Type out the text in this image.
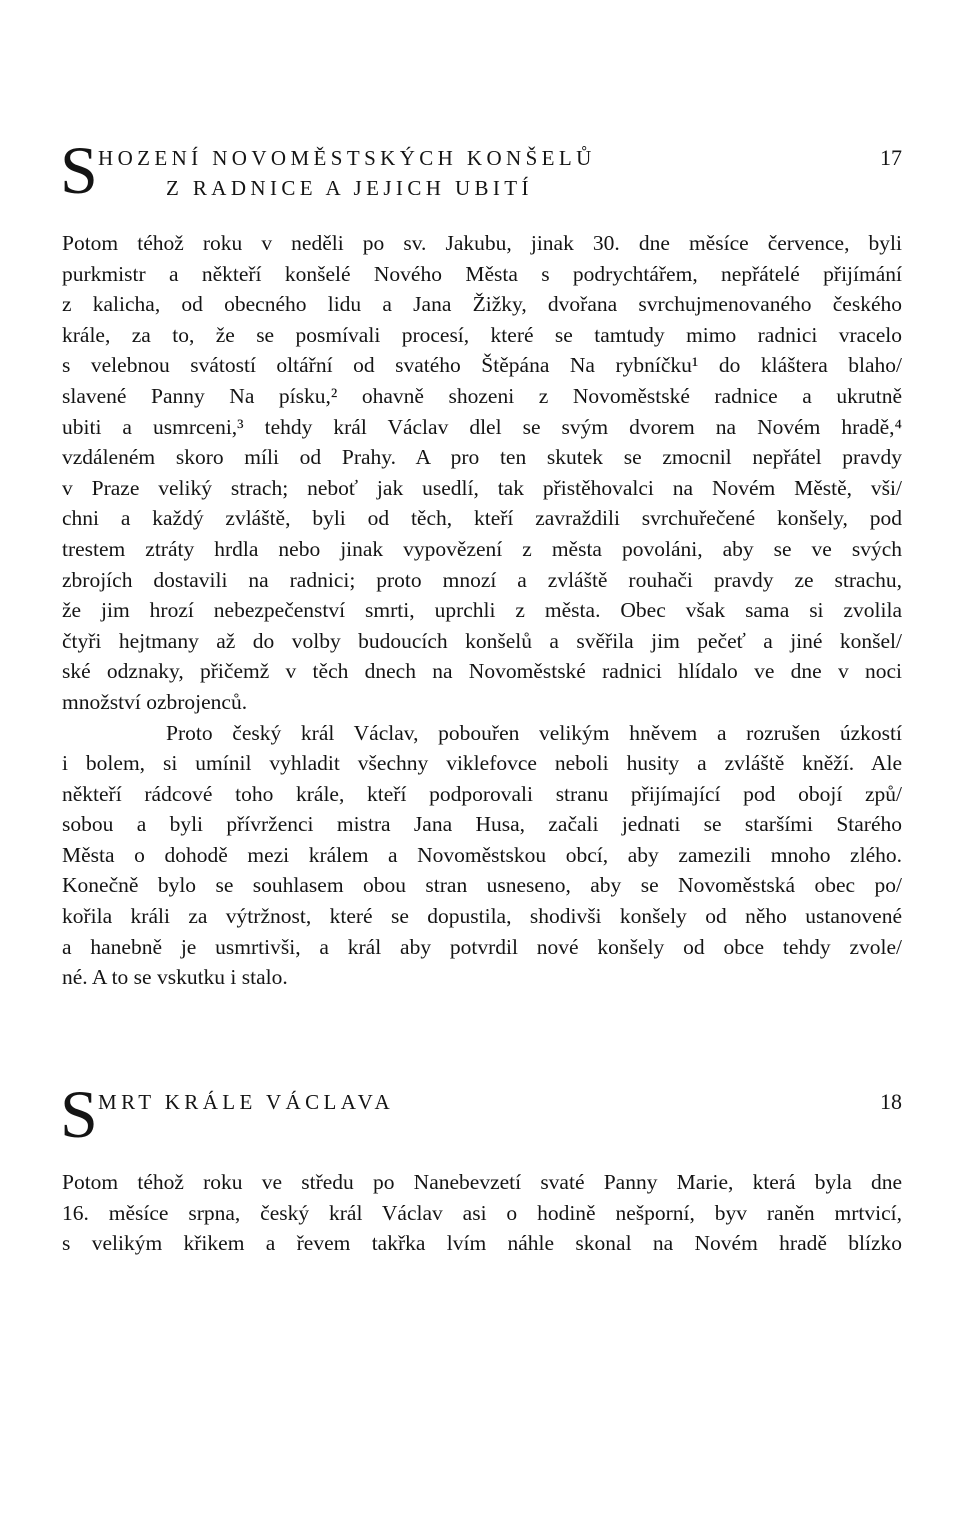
S HOZENÍ NOVOMĚSTSKÝCH KONŠELŮ
Z RADNICE A JEJICH UBITÍ
17
Potom téhož roku v neděli po sv. Jakubu, jinak 30. dne měsíce července, byli
purkmistr a někteří konšelé Nového Města s podrychtářem, nepřátelé přijímání
z kalicha, od obecného lidu a Jana Žižky, dvořana svrchujmenovaného českého
krále, za to, že se posmívali procesí, které se tamtudy mimo radnici vracelo
s velebnou svátostí oltářní od svatého Štěpána Na rybníčku¹ do kláštera blaho/
slavené Panny Na písku,² ohavně shozeni z Novoměstské radnice a ukrutně
ubiti a usmrceni,³ tehdy král Václav dlel se svým dvorem na Novém hradě,⁴
vzdáleném skoro míli od Prahy. A pro ten skutek se zmocnil nepřátel pravdy
v Praze veliký strach; neboť jak usedlí, tak přistěhovalci na Novém Městě, vši/
chni a každý zvláště, byli od těch, kteří zavraždili svrchuřečené konšely, pod
trestem ztráty hrdla nebo jinak vypovězení z města povoláni, aby se ve svých
zbrojích dostavili na radnici; proto mnozí a zvláště rouhači pravdy ze strachu,
že jim hrozí nebezpečenství smrti, uprchli z města. Obec však sama si zvolila
čtyři hejtmany až do volby budoucích konšelů a svěřila jim pečeť a jiné konšel/
ské odznaky, přičemž v těch dnech na Novoměstské radnici hlídalo ve dne v noci
množství ozbrojenců.
Proto český král Václav, pobouřen velikým hněvem a rozrušen úzkostí
i bolem, si umínil vyhladit všechny viklefovce neboli husity a zvláště kněží. Ale
někteří rádcové toho krále, kteří podporovali stranu přijímající pod obojí způ/
sobou a byli přívrženci mistra Jana Husa, začali jednati se staršími Starého
Města o dohodě mezi králem a Novoměstskou obcí, aby zamezili mnoho zlého.
Konečně bylo se souhlasem obou stran usneseno, aby se Novoměstská obec po/
kořila králi za výtržnost, které se dopustila, shodivši konšely od něho ustanovené
a hanebně je usmrtivši, a král aby potvrdil nové konšely od obce tehdy zvole/
né. A to se vskutku i stalo.
S MRT KRÁLE VÁCLAVA	18
Potom téhož roku ve středu po Nanebevzetí svaté Panny Marie, která byla dne
16. měsíce srpna, český král Václav asi o hodině nešporní, byv raněn mrtvicí,
s velikým křikem a řevem takřka lvím náhle skonal na Novém hradě blízko
